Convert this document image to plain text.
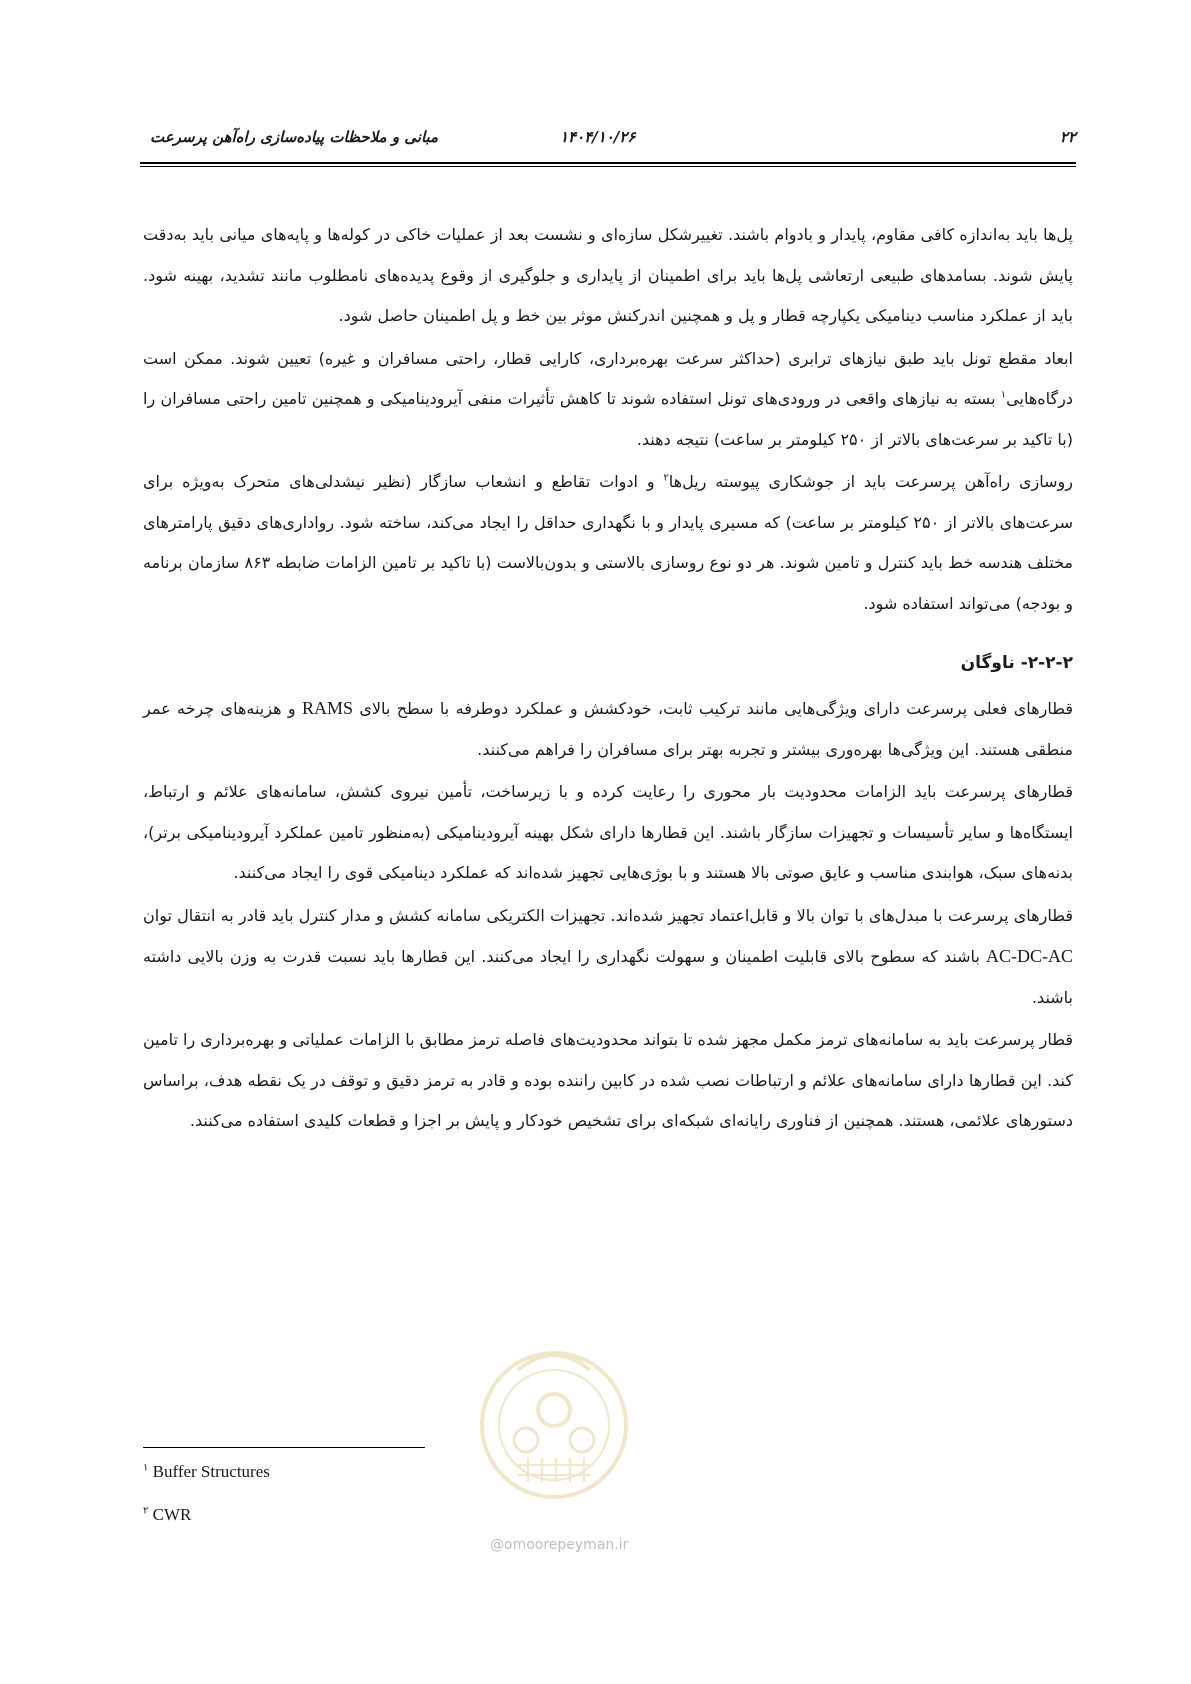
۲۲
۱۴۰۴/۱۰/۲۶
مبانی و ملاحظات پیاده‌سازی راه‌آهن پرسرعت

پل‌ها باید به‌اندازه کافی مقاوم، پایدار و بادوام باشند. تغییرشکل سازه‌ای و نشست بعد از عملیات خاکی در کوله‌ها و پایه‌های میانی باید به‌دقت پایش شوند. بسامدهای طبیعی ارتعاشی پل‌ها باید برای اطمینان از پایداری و جلوگیری از وقوع پدیده‌های نامطلوب مانند تشدید، بهینه شود. باید از عملکرد مناسب دینامیکی یکپارچه قطار و پل و همچنین اندرکنش موثر بین خط و پل اطمینان حاصل شود.

ابعاد مقطع تونل باید طبق نیازهای ترابری (حداکثر سرعت بهره‌برداری، کارایی قطار، راحتی مسافران و غیره) تعیین شوند. ممکن است درگاه‌هایی$^۱$ بسته به نیازهای واقعی در ورودی‌های تونل استفاده شوند تا کاهش تأثیرات منفی آیرودینامیکی و همچنین تامین راحتی مسافران را (با تاکید بر سرعت‌های بالاتر از ۲۵۰ کیلومتر بر ساعت) نتیجه دهند.

روسازی راه‌آهن پرسرعت باید از جوشکاری پیوسته ریل‌ها$^۲$ و ادوات تقاطع و انشعاب سازگار (نظیر نیشدلی‌های متحرک به‌ویژه برای سرعت‌های بالاتر از ۲۵۰ کیلومتر بر ساعت) که مسیری پایدار و با نگهداری حداقل را ایجاد می‌کند، ساخته شود. رواداری‌های دقیق پارامترهای مختلف هندسه خط باید کنترل و تامین شوند. هر دو نوع روسازی بالاستی و بدون‌بالاست (با تاکید بر تامین الزامات ضابطه ۸۶۳ سازمان برنامه و بودجه) می‌تواند استفاده شود.

۲-۲-۲- ناوگان

قطارهای فعلی پرسرعت دارای ویژگی‌هایی مانند ترکیب ثابت، خودکشش و عملکرد دوطرفه با سطح بالای RAMS و هزینه‌های چرخه عمر منطقی هستند. این ویژگی‌ها بهره‌وری بیشتر و تجربه بهتر برای مسافران را فراهم می‌کنند.

قطارهای پرسرعت باید الزامات محدودیت بار محوری را رعایت کرده و با زیرساخت، تأمین نیروی کشش، سامانه‌های علائم و ارتباط، ایستگاه‌ها و سایر تأسیسات و تجهیزات سازگار باشند. این قطارها دارای شکل بهینه آیرودینامیکی (به‌منظور تامین عملکرد آیرودینامیکی برتر)، بدنه‌های سبک، هوابندی مناسب و عایق صوتی بالا هستند و با بوژی‌هایی تجهیز شده‌اند که عملکرد دینامیکی قوی را ایجاد می‌کنند.

قطارهای پرسرعت با مبدل‌های با توان بالا و قابل‌اعتماد تجهیز شده‌اند. تجهیزات الکتریکی سامانه کشش و مدار کنترل باید قادر به انتقال توان AC-DC-AC باشند که سطوح بالای قابلیت اطمینان و سهولت نگهداری را ایجاد می‌کنند. این قطارها باید نسبت قدرت به وزن بالایی داشته باشند.

قطار پرسرعت باید به سامانه‌های ترمز مکمل مجهز شده تا بتواند محدودیت‌های فاصله ترمز مطابق با الزامات عملیاتی و بهره‌برداری را تامین کند. این قطارها دارای سامانه‌های علائم و ارتباطات نصب شده در کابین راننده بوده و قادر به ترمز دقیق و توقف در یک نقطه هدف، براساس دستورهای علائمی، هستند. همچنین از فناوری رایانه‌ای شبکه‌ای برای تشخیص خودکار و پایش بر اجزا و قطعات کلیدی استفاده می‌کنند.

$^۱$ Buffer Structures
$^۲$ CWR
@omoorepeyman.ir
